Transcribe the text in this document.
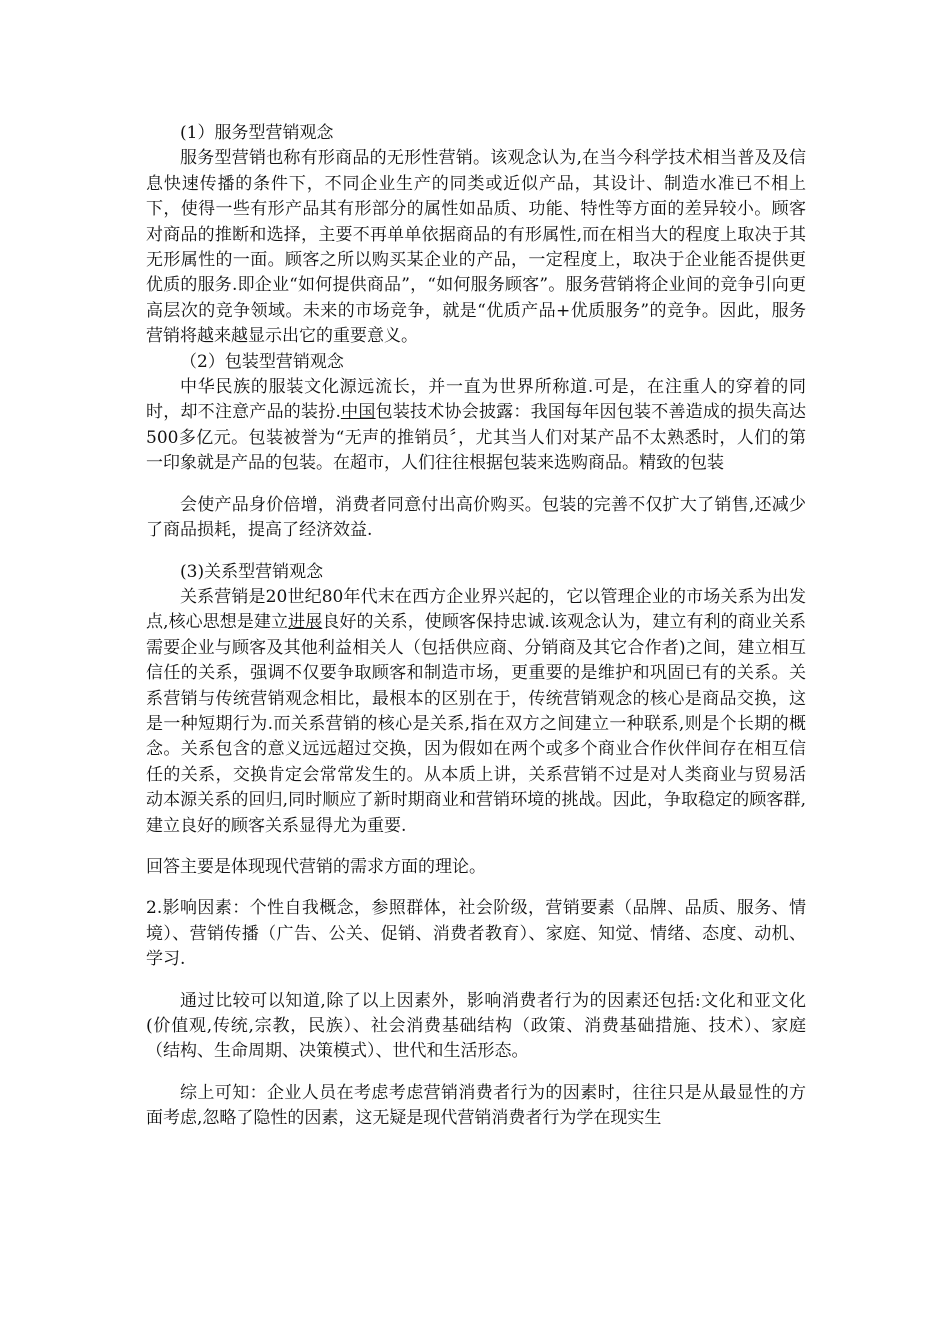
(1）服务型营销观念

服务型营销也称有形商品的无形性营销。该观念认为,在当今科学技术相当普及及信息快速传播的条件下，不同企业生产的同类或近似产品，其设计、制造水准已不相上下，使得一些有形产品其有形部分的属性如品质、功能、特性等方面的差异较小。顾客对商品的推断和选择，主要不再单单依据商品的有形属性,而在相当大的程度上取决于其无形属性的一面。顾客之所以购买某企业的产品，一定程度上，取决于企业能否提供更优质的服务.即企业“如何提供商品”，“如何服务顾客”。服务营销将企业间的竞争引向更高层次的竞争领域。未来的市场竞争，就是“优质产品+优质服务”的竞争。因此，服务营销将越来越显示出它的重要意义。

（2）包装型营销观念

中华民族的服装文化源远流长，并一直为世界所称道.可是，在注重人的穿着的同时，却不注意产品的装扮.中国包装技术协会披露：我国每年因包装不善造成的损失高达500多亿元。包装被誉为“无声的推销员〞，尤其当人们对某产品不太熟悉时，人们的第一印象就是产品的包装。在超市，人们往往根据包装来选购商品。精致的包装

会使产品身价倍增，消费者同意付出高价购买。包装的完善不仅扩大了销售,还减少了商品损耗，提高了经济效益.

(3)关系型营销观念

关系营销是20世纪80年代末在西方企业界兴起的，它以管理企业的市场关系为出发点,核心思想是建立进展良好的关系，使顾客保持忠诚.该观念认为，建立有利的商业关系需要企业与顾客及其他利益相关人（包括供应商、分销商及其它合作者)之间，建立相互信任的关系，强调不仅要争取顾客和制造市场，更重要的是维护和巩固已有的关系。关系营销与传统营销观念相比，最根本的区别在于，传统营销观念的核心是商品交换，这是一种短期行为.而关系营销的核心是关系,指在双方之间建立一种联系,则是个长期的概念。关系包含的意义远远超过交换，因为假如在两个或多个商业合作伙伴间存在相互信任的关系，交换肯定会常常发生的。从本质上讲，关系营销不过是对人类商业与贸易活动本源关系的回归,同时顺应了新时期商业和营销环境的挑战。因此，争取稳定的顾客群,建立良好的顾客关系显得尤为重要.

回答主要是体现现代营销的需求方面的理论。

2.影响因素：个性自我概念，参照群体，社会阶级，营销要素（品牌、品质、服务、情境）、营销传播（广告、公关、促销、消费者教育）、家庭、知觉、情绪、态度、动机、学习.

通过比较可以知道,除了以上因素外，影响消费者行为的因素还包括:文化和亚文化(价值观,传统,宗教，民族）、社会消费基础结构（政策、消费基础措施、技术）、家庭（结构、生命周期、决策模式）、世代和生活形态。

综上可知：企业人员在考虑考虑营销消费者行为的因素时，往往只是从最显性的方面考虑,忽略了隐性的因素，这无疑是现代营销消费者行为学在现实生
